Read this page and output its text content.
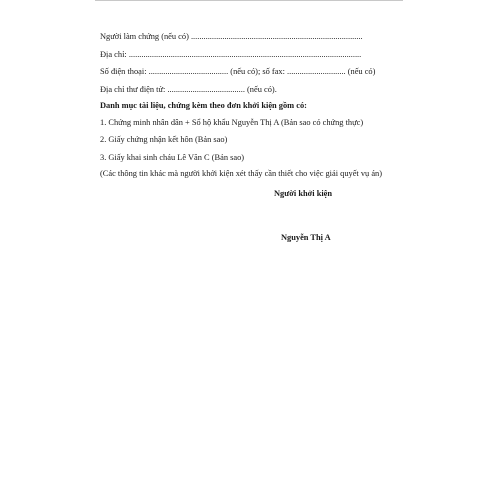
Người làm chứng (nếu có) ..................................................................................
Địa chỉ: ...............................................................................................................
Số điện thoại: ...................................... (nếu có); số fax: ............................ (nếu có)
Địa chỉ thư điện tử: ..................................... (nếu có).
Danh mục tài liệu, chứng kèm theo đơn khởi kiện gồm có:
1. Chứng minh nhân dân + Sổ hộ khẩu Nguyễn Thị A (Bản sao có chứng thực)
2. Giấy chứng nhận kết hôn (Bản sao)
3. Giấy khai sinh cháu Lê Văn C (Bản sao)
(Các thông tin khác mà người khởi kiện xét thấy cần thiết cho việc giải quyết vụ án)
Người khởi kiện
Nguyễn Thị A
